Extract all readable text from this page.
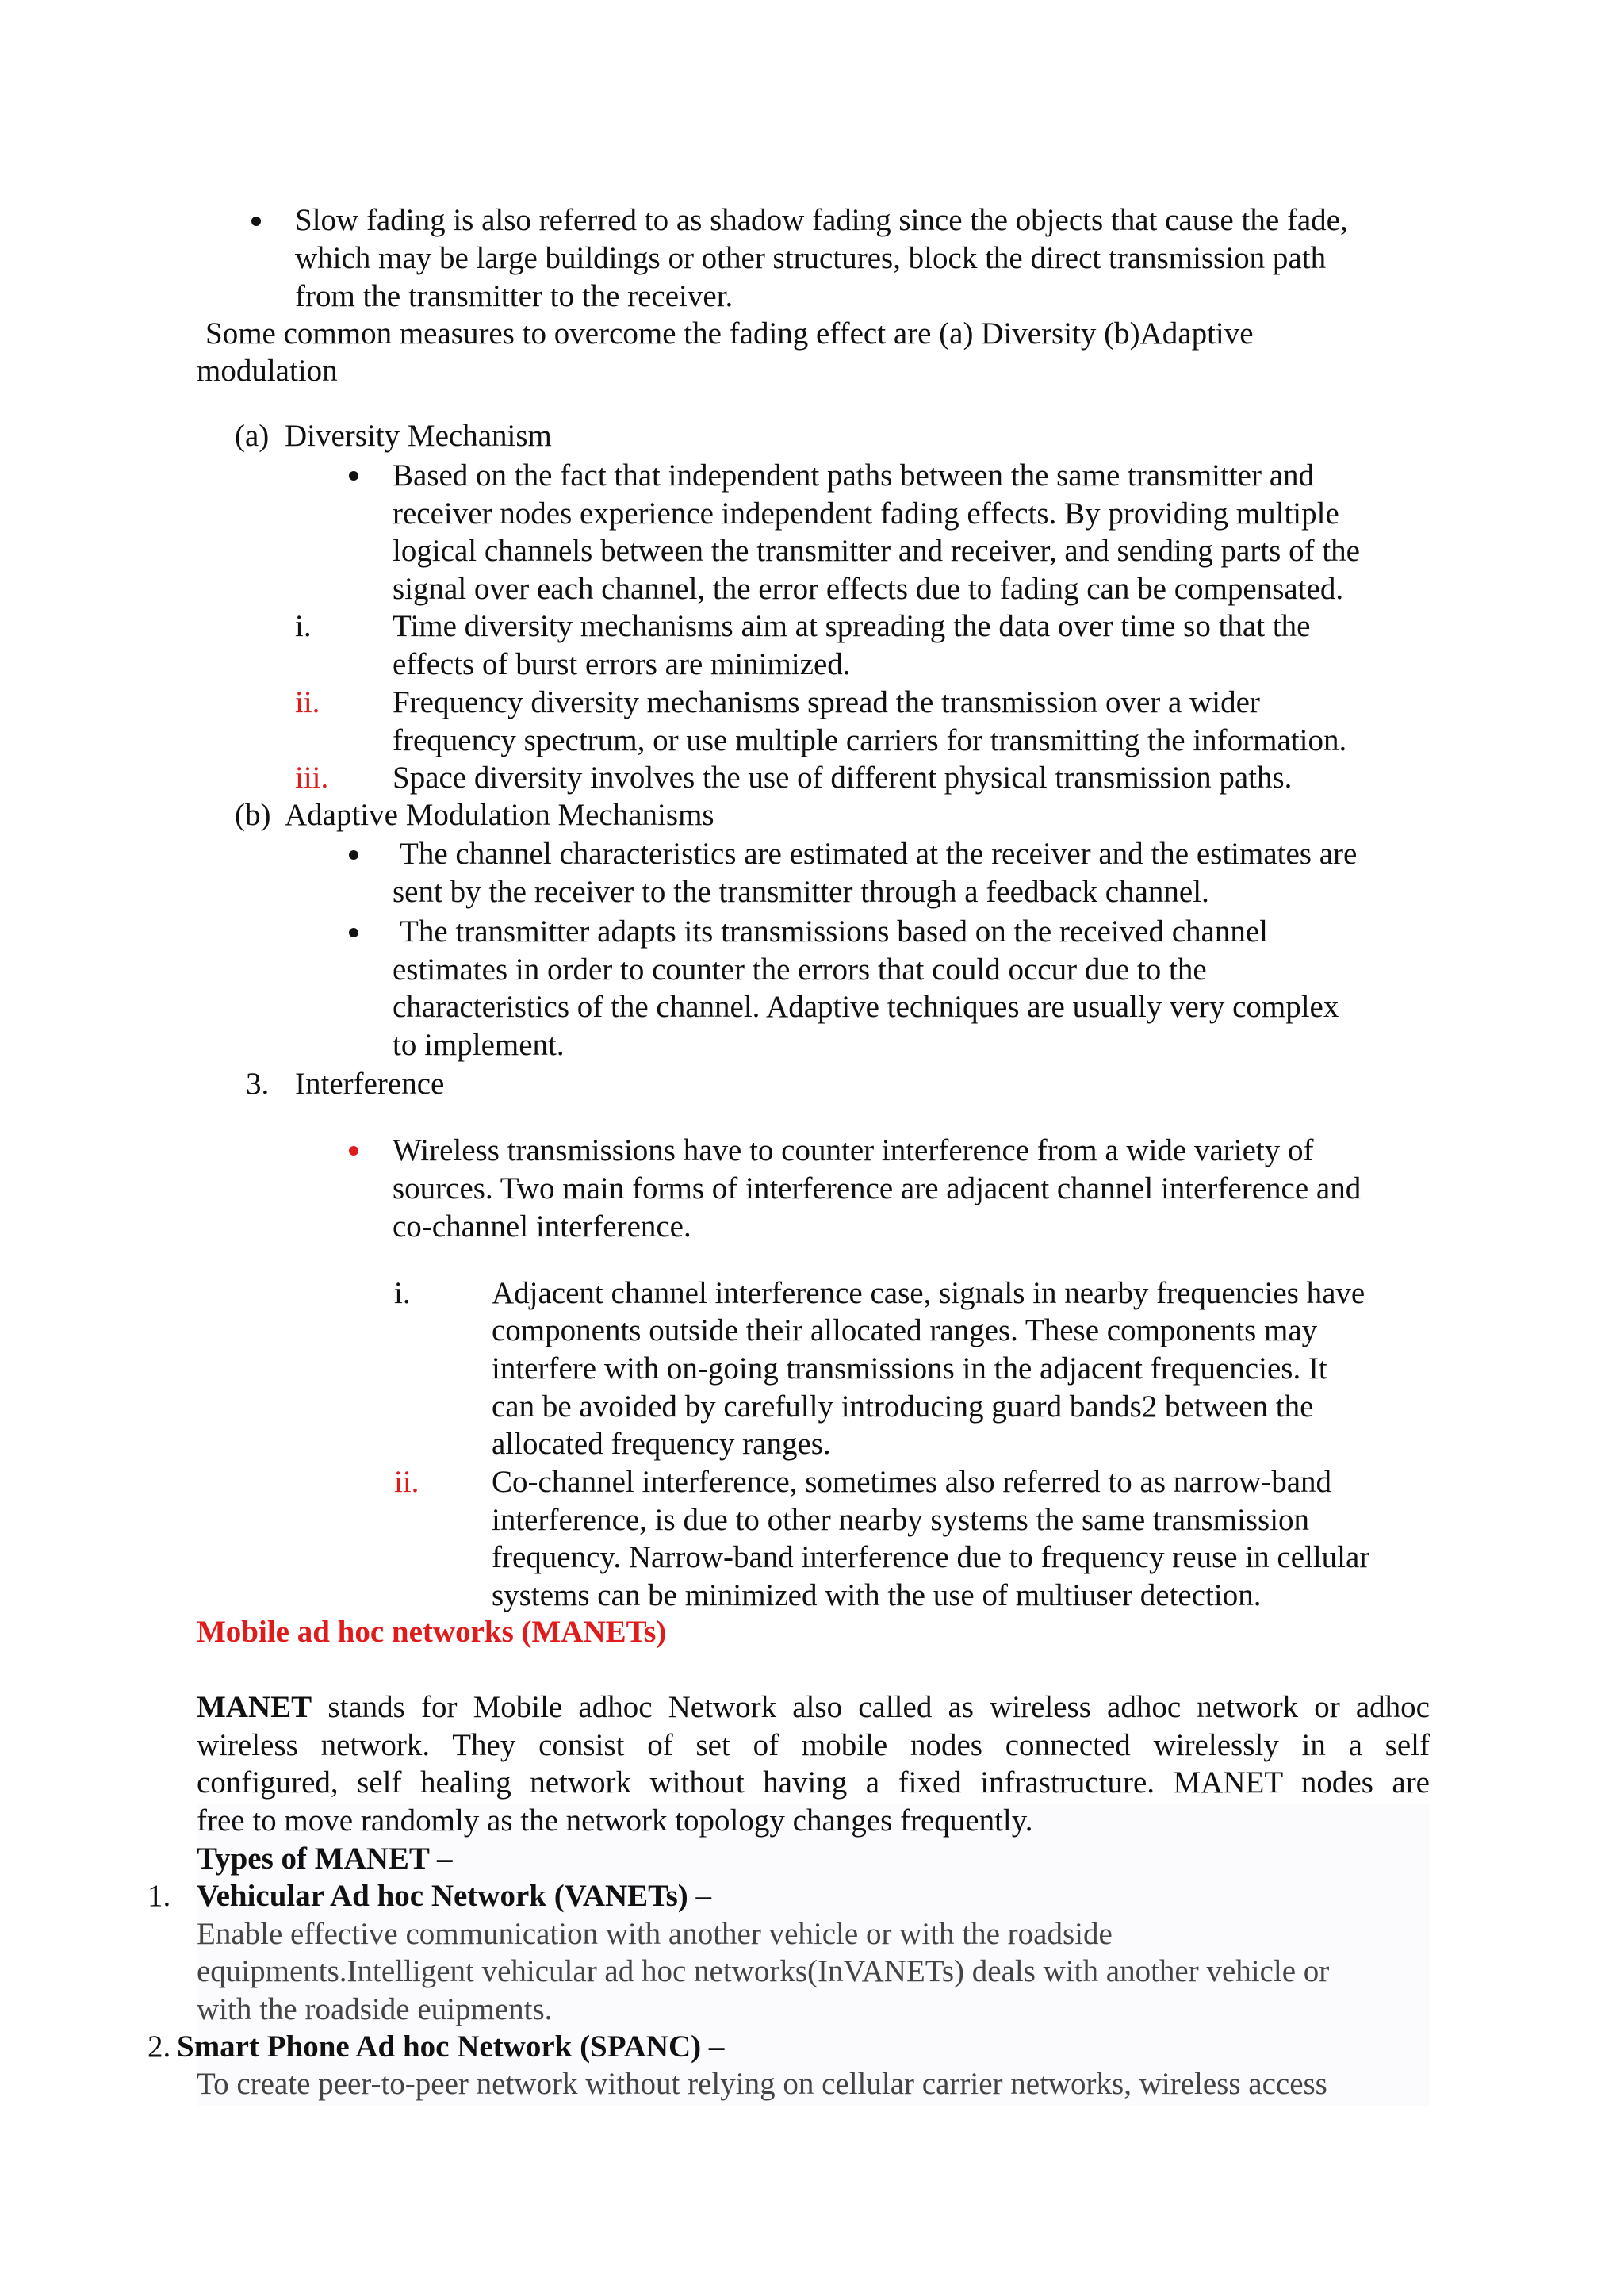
Slow fading is also referred to as shadow fading since the objects that cause the fade,
which may be large buildings or other structures, block the direct transmission path
from the transmitter to the receiver.
Some common measures to overcome the fading effect are (a) Diversity (b)Adaptive
modulation
(a) Diversity Mechanism
Based on the fact that independent paths between the same transmitter and
receiver nodes experience independent fading effects. By providing multiple
logical channels between the transmitter and receiver, and sending parts of the
signal over each channel, the error effects due to fading can be compensated.
i.	Time diversity mechanisms aim at spreading the data over time so that the
effects of burst errors are minimized.
ii. Frequency diversity mechanisms spread the transmission over a wider
frequency spectrum, or use multiple carriers for transmitting the information.
iii. Space diversity involves the use of different physical transmission paths.
(b) Adaptive Modulation Mechanisms
The channel characteristics are estimated at the receiver and the estimates are
sent by the receiver to the transmitter through a feedback channel.
The transmitter adapts its transmissions based on the received channel
estimates in order to counter the errors that could occur due to the
characteristics of the channel. Adaptive techniques are usually very complex
to implement.
3. Interference
Wireless transmissions have to counter interference from a wide variety of
sources. Two main forms of interference are adjacent channel interference and
co-channel interference.
i.	Adjacent channel interference case, signals in nearby frequencies have
components outside their allocated ranges. These components may
interfere with on-going transmissions in the adjacent frequencies. It
can be avoided by carefully introducing guard bands2 between the
allocated frequency ranges.
ii. Co-channel interference, sometimes also referred to as narrow-band
interference, is due to other nearby systems the same transmission
frequency. Narrow-band interference due to frequency reuse in cellular
systems can be minimized with the use of multiuser detection.
Mobile ad hoc networks (MANETs)
MANET stands for Mobile adhoc Network also called as wireless adhoc network or adhoc
wireless network. They consist of set of mobile nodes connected wirelessly in a self
configured, self healing network without having a fixed infrastructure. MANET nodes are
free to move randomly as the network topology changes frequently.
Types of MANET –
1. Vehicular Ad hoc Network (VANETs) –
Enable effective communication with another vehicle or with the roadside
equipments.Intelligent vehicular ad hoc networks(InVANETs) deals with another vehicle or
with the roadside euipments.
2. Smart Phone Ad hoc Network (SPANC) –
To create peer-to-peer network without relying on cellular carrier networks, wireless access
